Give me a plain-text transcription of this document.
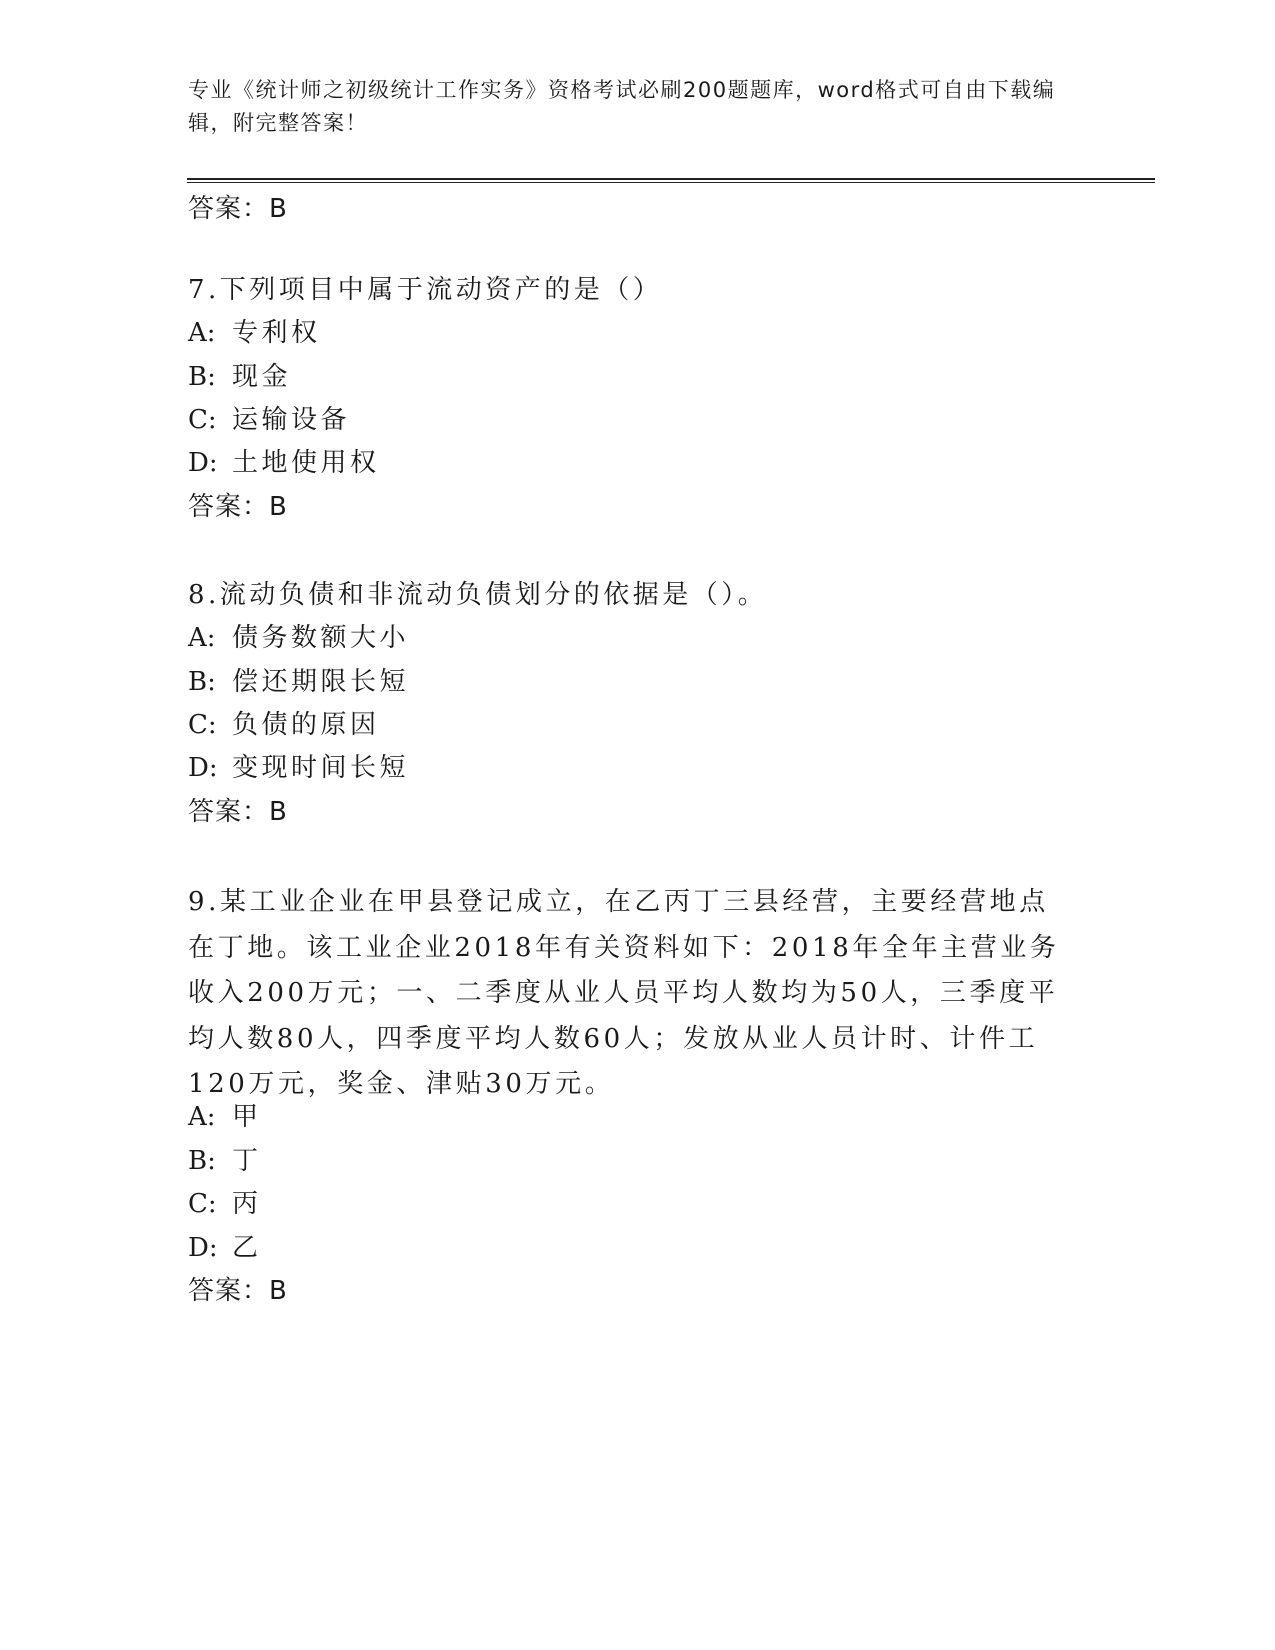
专业《统计师之初级统计工作实务》资格考试必刷200题题库，word格式可自由下载编辑，附完整答案！
答案：B
7.下列项目中属于流动资产的是（）
A: 专利权
B: 现金
C: 运输设备
D: 土地使用权
答案：B
8.流动负债和非流动负债划分的依据是（）。
A: 债务数额大小
B: 偿还期限长短
C: 负债的原因
D: 变现时间长短
答案：B
9.某工业企业在甲县登记成立，在乙丙丁三县经营，主要经营地点在丁地。该工业企业2018年有关资料如下：2018年全年主营业务收入200万元；一、二季度从业人员平均人数均为50人，三季度平均人数80人，四季度平均人数60人；发放从业人员计时、计件工120万元，奖金、津贴30万元。
A: 甲
B: 丁
C: 丙
D: 乙
答案：B
